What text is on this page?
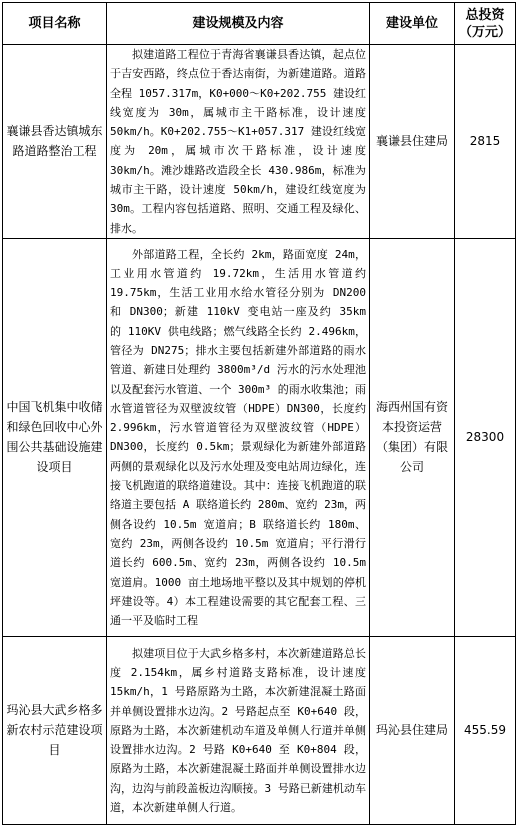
项目名称	建设规模及内容	建设单位	总投资（万元）
襄谦县香达镇城东路道路整治工程	拟建道路工程位于青海省襄谦县香达镇，起点位于吉安西路，终点位于香达南街，为新建道路。道路全程 1057.317m，K0+000～K0+202.755 建设红线宽度为 30m，属城市主干路标准，设计速度 50km/h。K0+202.755～K1+057.317 建设红线宽度为 20m，属城市次干路标准，设计速度 30km/h。滩沙雄路改造段全长 430.986m，标准为城市主干路，设计速度 50km/h，建设红线宽度为 30m。工程内容包括道路、照明、交通工程及绿化、排水。	襄谦县住建局	2815
中国飞机集中收储和绿色回收中心外围公共基础设施建设项目	外部道路工程，全长约 2km，路面宽度 24m，工业用水管道约 19.72km，生活用水管道约 19.75km，生活工业用水给水管径分别为 DN200 和 DN300；新建 110kV 变电站一座及约 35km 的 110KV 供电线路；燃气线路全长约 2.496km，管径为 DN275；排水主要包括新建外部道路的雨水管道、新建日处理约 3800m³/d 污水的污水处理池以及配套污水管道、一个 300m³ 的雨水收集池；雨水管道管径为双壁波纹管（HDPE）DN300，长度约 2.996km，污水管道管径为双壁波纹管（HDPE）DN300，长度约 0.5km；景观绿化为新建外部道路两侧的景观绿化以及污水处理及变电站周边绿化，连接飞机跑道的联络道建设。其中：连接飞机跑道的联络道主要包括 A 联络道长约 280m、宽约 23m，两侧各设约 10.5m 宽道肩；B 联络道长约 180m、宽约 23m，两侧各设约 10.5m 宽道肩；平行滑行道长约 600.5m、宽约 23m，两侧各设约 10.5m 宽道肩。1000 亩土地场地平整以及其中规划的停机坪建设等。4）本工程建设需要的其它配套工程、三通一平及临时工程	海西州国有资本投资运营（集团）有限公司	28300
玛沁县大武乡格多新农村示范建设项目	拟建项目位于大武乡格多村，本次新建道路总长度 2.154km，属乡村道路支路标准，设计速度 15km/h，1 号路原路为土路，本次新建混凝土路面并单侧设置排水边沟。2 号路起点至 K0+640 段，原路为土路，本次新建机动车道及单侧人行道并单侧设置排水边沟。2 号路 K0+640 至 K0+804 段，原路为土路，本次新建混凝土路面并单侧设置排水边沟，边沟与前段盖板边沟顺接。3 号路已新建机动车道，本次新建单侧人行道。	玛沁县住建局	455.59
